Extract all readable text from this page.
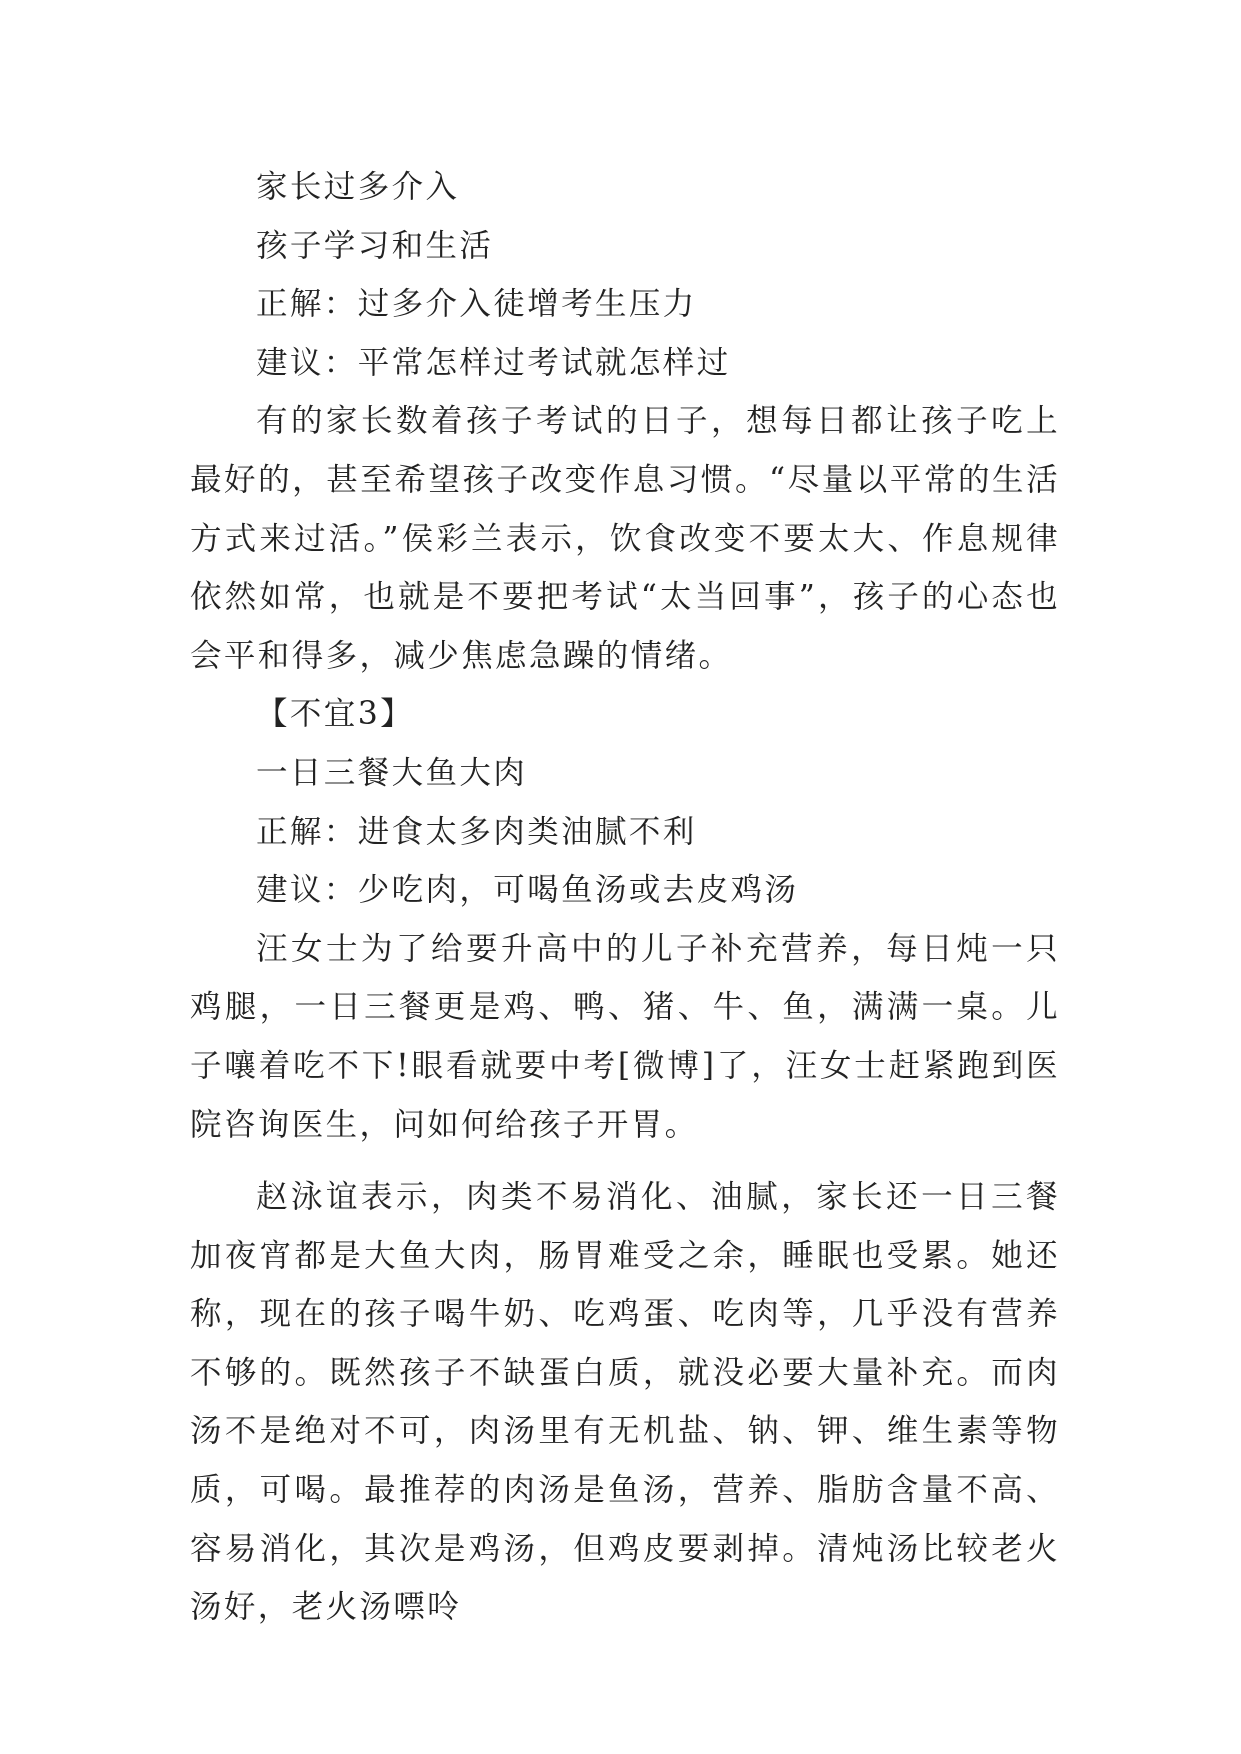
家长过多介入

孩子学习和生活

正解：过多介入徒增考生压力

建议：平常怎样过考试就怎样过

有的家长数着孩子考试的日子，想每日都让孩子吃上最好的，甚至希望孩子改变作息习惯。“尽量以平常的生活方式来过活。”侯彩兰表示，饮食改变不要太大、作息规律依然如常，也就是不要把考试“太当回事”，孩子的心态也会平和得多，减少焦虑急躁的情绪。

【不宜3】

一日三餐大鱼大肉

正解：进食太多肉类油腻不利

建议：少吃肉，可喝鱼汤或去皮鸡汤

汪女士为了给要升高中的儿子补充营养，每日炖一只鸡腿，一日三餐更是鸡、鸭、猪、牛、鱼，满满一桌。儿子嚷着吃不下!眼看就要中考[微博]了，汪女士赶紧跑到医院咨询医生，问如何给孩子开胃。

赵泳谊表示，肉类不易消化、油腻，家长还一日三餐加夜宵都是大鱼大肉，肠胃难受之余，睡眠也受累。她还称，现在的孩子喝牛奶、吃鸡蛋、吃肉等，几乎没有营养不够的。既然孩子不缺蛋白质，就没必要大量补充。而肉汤不是绝对不可，肉汤里有无机盐、钠、钾、维生素等物质，可喝。最推荐的肉汤是鱼汤，营养、脂肪含量不高、容易消化，其次是鸡汤，但鸡皮要剥掉。清炖汤比较老火汤好，老火汤嘌呤
